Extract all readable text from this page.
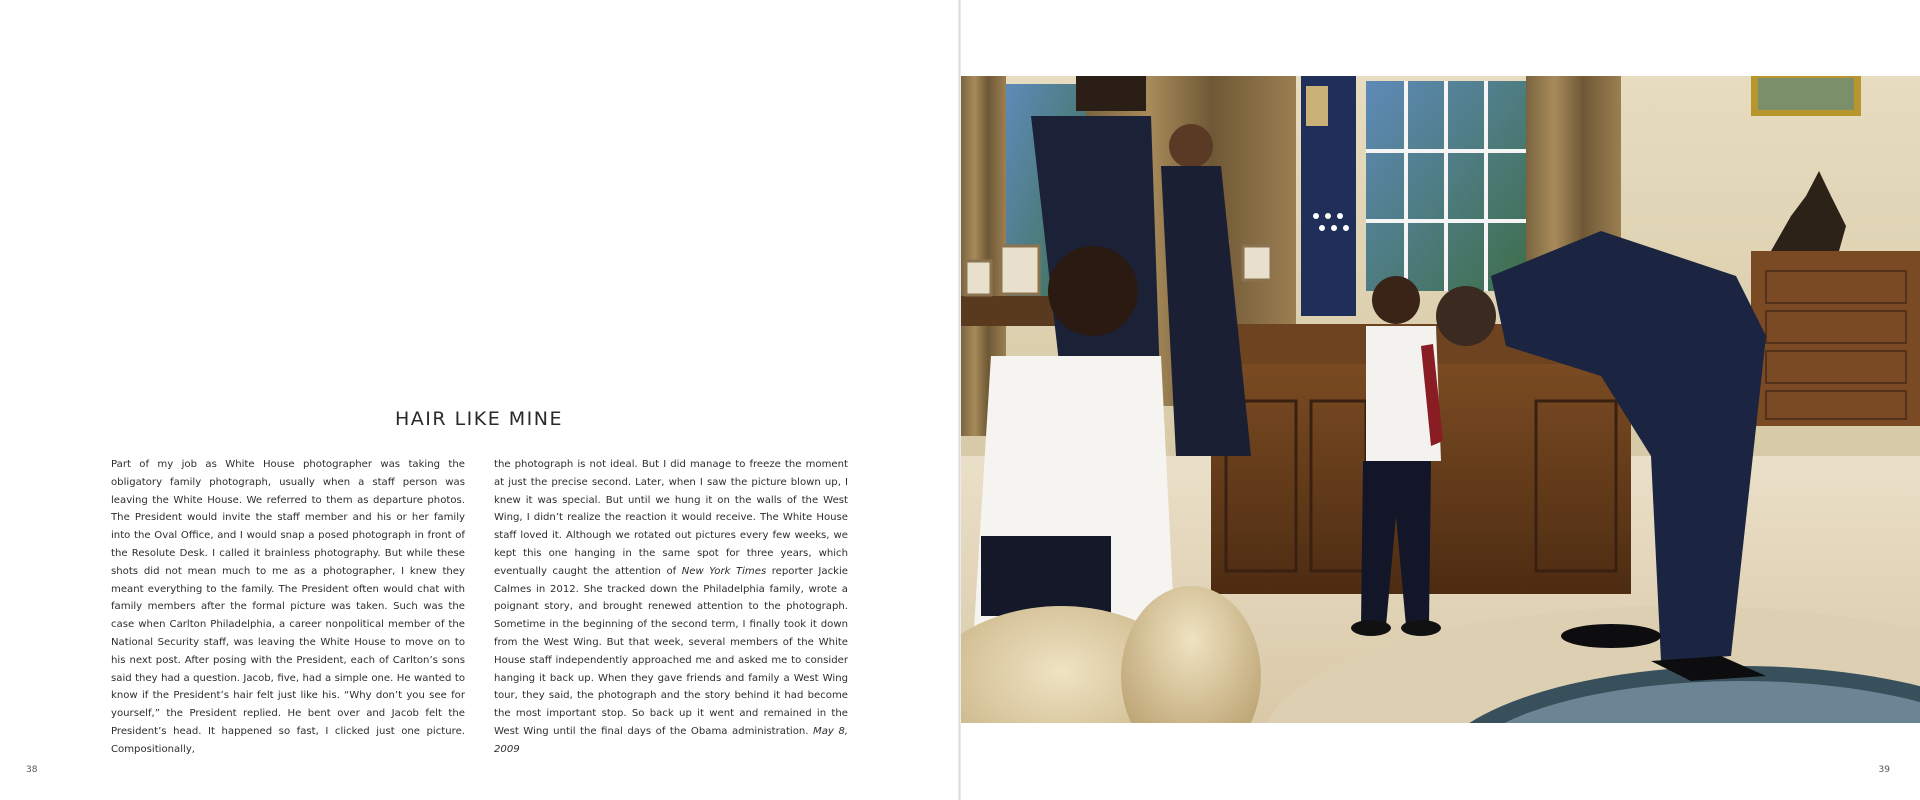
HAIR LIKE MINE

Part of my job as White House photographer was taking the obligatory family photograph, usually when a staff person was leaving the White House. We referred to them as departure photos. The President would invite the staff member and his or her family into the Oval Office, and I would snap a posed photograph in front of the Resolute Desk. I called it brainless photography. But while these shots did not mean much to me as a photographer, I knew they meant everything to the family. The President often would chat with family members after the formal picture was taken. Such was the case when Carlton Philadelphia, a career nonpolitical member of the National Security staff, was leaving the White House to move on to his next post. After posing with the President, each of Carlton’s sons said they had a question. Jacob, five, had a simple one. He wanted to know if the President’s hair felt just like his. “Why don’t you see for yourself,” the President replied. He bent over and Jacob felt the President’s head. It happened so fast, I clicked just one picture. Compositionally,

the photograph is not ideal. But I did manage to freeze the moment at just the precise second. Later, when I saw the picture blown up, I knew it was special. But until we hung it on the walls of the West Wing, I didn’t realize the reaction it would receive. The White House staff loved it. Although we rotated out pictures every few weeks, we kept this one hanging in the same spot for three years, which eventually caught the attention of New York Times reporter Jackie Calmes in 2012. She tracked down the Philadelphia family, wrote a poignant story, and brought renewed attention to the photograph. Sometime in the beginning of the second term, I finally took it down from the West Wing. But that week, several members of the White House staff independently approached me and asked me to consider hanging it back up. When they gave friends and family a West Wing tour, they said, the photograph and the story behind it had become the most important stop. So back up it went and remained in the West Wing until the final days of the Obama administration. May 8, 2009

38	39
